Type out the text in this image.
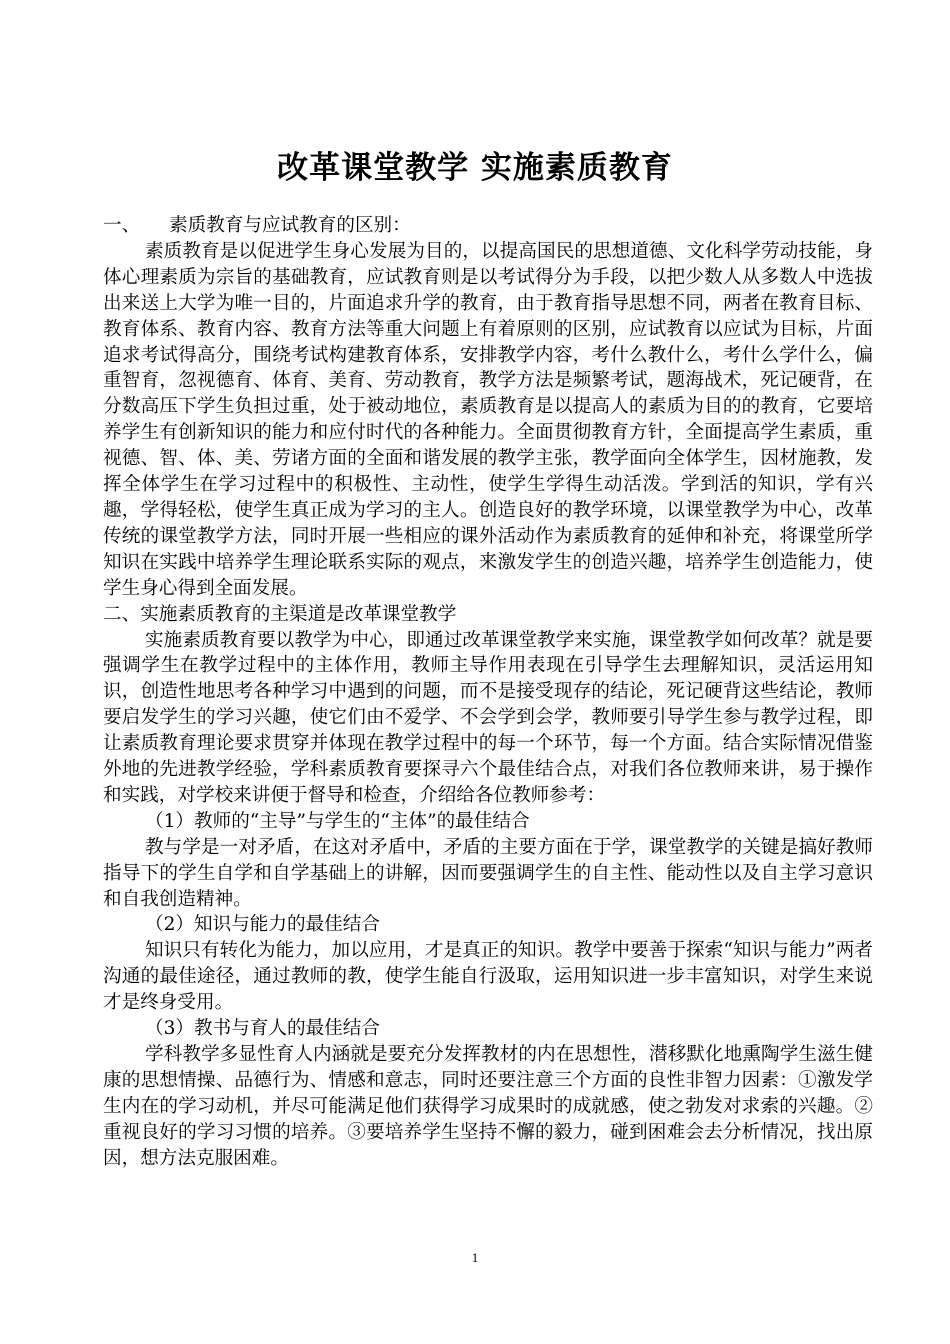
改革课堂教学 实施素质教育

一、 素质教育与应试教育的区别：

素质教育是以促进学生身心发展为目的，以提高国民的思想道德、文化科学劳动技能，身体心理素质为宗旨的基础教育，应试教育则是以考试得分为手段，以把少数人从多数人中选拔出来送上大学为唯一目的，片面追求升学的教育，由于教育指导思想不同，两者在教育目标、教育体系、教育内容、教育方法等重大问题上有着原则的区别，应试教育以应试为目标，片面追求考试得高分，围绕考试构建教育体系，安排教学内容，考什么教什么，考什么学什么，偏重智育，忽视德育、体育、美育、劳动教育，教学方法是频繁考试，题海战术，死记硬背，在分数高压下学生负担过重，处于被动地位，素质教育是以提高人的素质为目的的教育，它要培养学生有创新知识的能力和应付时代的各种能力。全面贯彻教育方针，全面提高学生素质，重视德、智、体、美、劳诸方面的全面和谐发展的教学主张，教学面向全体学生，因材施教，发挥全体学生在学习过程中的积极性、主动性，使学生学得生动活泼。学到活的知识，学有兴趣，学得轻松，使学生真正成为学习的主人。创造良好的教学环境，以课堂教学为中心，改革传统的课堂教学方法，同时开展一些相应的课外活动作为素质教育的延伸和补充，将课堂所学知识在实践中培养学生理论联系实际的观点，来激发学生的创造兴趣，培养学生创造能力，使学生身心得到全面发展。

二、实施素质教育的主渠道是改革课堂教学

实施素质教育要以教学为中心，即通过改革课堂教学来实施，课堂教学如何改革？就是要强调学生在教学过程中的主体作用，教师主导作用表现在引导学生去理解知识，灵活运用知识，创造性地思考各种学习中遇到的问题，而不是接受现存的结论，死记硬背这些结论，教师要启发学生的学习兴趣，使它们由不爱学、不会学到会学，教师要引导学生参与教学过程，即让素质教育理论要求贯穿并体现在教学过程中的每一个环节，每一个方面。结合实际情况借鉴外地的先进教学经验，学科素质教育要探寻六个最佳结合点，对我们各位教师来讲，易于操作和实践，对学校来讲便于督导和检查，介绍给各位教师参考：

（1）教师的“主导”与学生的“主体”的最佳结合

教与学是一对矛盾，在这对矛盾中，矛盾的主要方面在于学，课堂教学的关键是搞好教师指导下的学生自学和自学基础上的讲解，因而要强调学生的自主性、能动性以及自主学习意识和自我创造精神。

（2）知识与能力的最佳结合

知识只有转化为能力，加以应用，才是真正的知识。教学中要善于探索“知识与能力”两者沟通的最佳途径，通过教师的教，使学生能自行汲取，运用知识进一步丰富知识，对学生来说才是终身受用。

（3）教书与育人的最佳结合

学科教学多显性育人内涵就是要充分发挥教材的内在思想性，潜移默化地熏陶学生滋生健康的思想情操、品德行为、情感和意志，同时还要注意三个方面的良性非智力因素：①激发学生内在的学习动机，并尽可能满足他们获得学习成果时的成就感，使之勃发对求索的兴趣。②重视良好的学习习惯的培养。③要培养学生坚持不懈的毅力，碰到困难会去分析情况，找出原因，想方法克服困难。

1
